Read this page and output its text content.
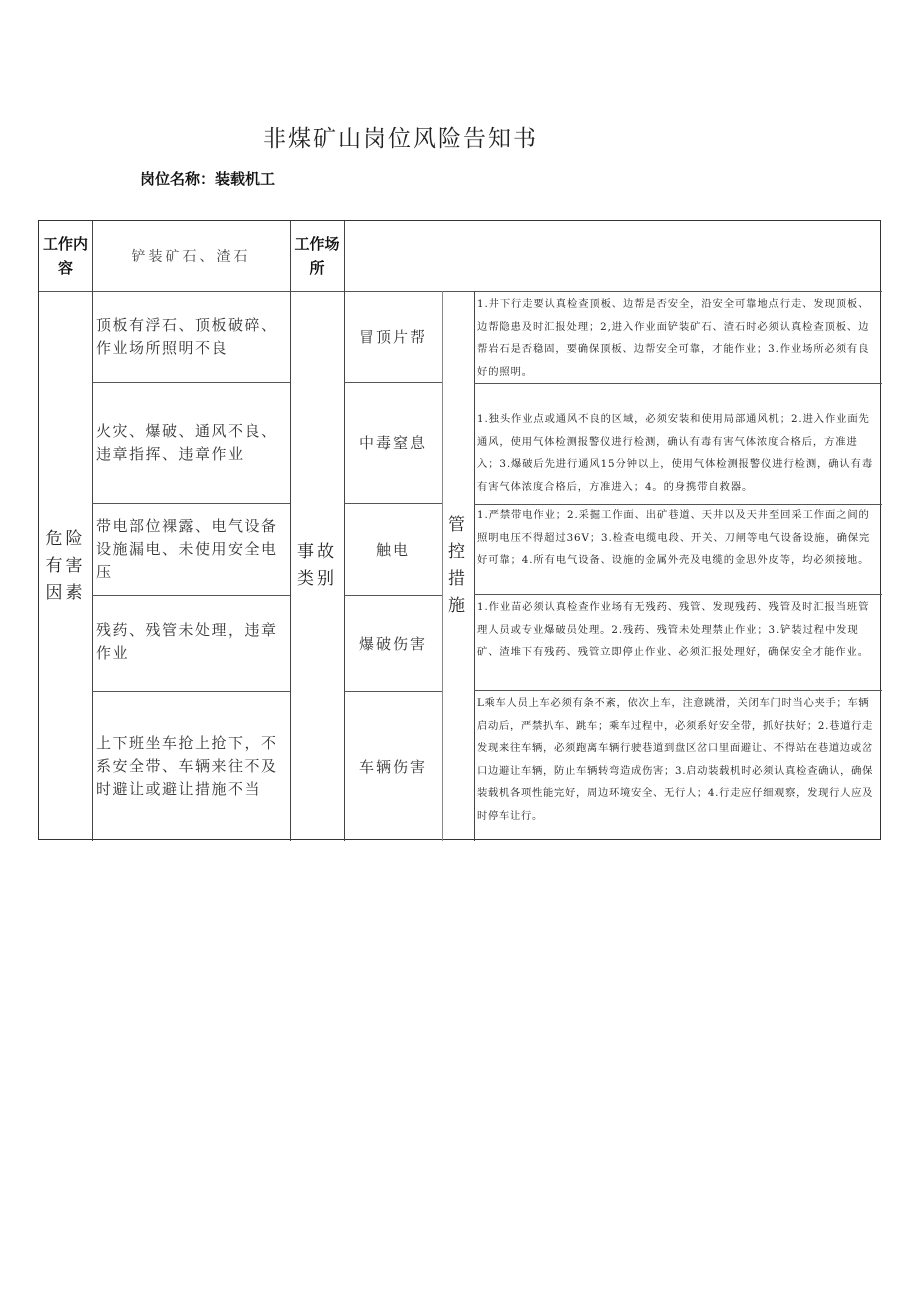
非煤矿山岗位风险告知书
岗位名称：装载机工
工作内容
铲装矿石、渣石
工作场所
危险有害因素
事故类别
管控措施
顶板有浮石、顶板破碎、作业场所照明不良
冒顶片帮
1.井下行走要认真检查顶板、边帮是否安全，沿安全可靠地点行走、发现顶板、边帮隐患及时汇报处理；2,进入作业面铲装矿石、渣石时必须认真检查顶板、边帮岩石是否稳固，要确保顶板、边帮安全可靠，才能作业；3.作业场所必须有良好的照明。
火灾、爆破、通风不良、违章指挥、违章作业
中毒窒息
1.独头作业点或通风不良的区域，必须安装和使用局部通风机；2.进入作业面先通风，使用气体检测报警仪进行检测，确认有毒有害气体浓度合格后，方准进入；3.爆破后先进行通风15分钟以上，使用气体检测报警仪进行检测，确认有毒有害气体浓度合格后，方准进入；4。的身携带自救器。
带电部位裸露、电气设备设施漏电、未使用安全电压
触电
1.严禁带电作业；2.采掘工作面、出矿巷道、天井以及天井至回采工作面之间的照明电压不得超过36V；3.检查电缆电段、开关、刀闸等电气设备设施，确保完好可靠；4.所有电气设备、设施的金属外壳及电缆的金思外皮等，均必须接地。
残药、残管未处理，违章作业
爆破伤害
1.作业苗必须认真检查作业场有无残药、残管、发现残药、残管及时汇报当班管理人员或专业爆破员处理。2.残药、残管未处理禁止作业；3.铲装过程中发现矿、渣堆下有残药、残管立即停止作业、必须汇报处理好，确保安全才能作业。
上下班坐车抢上抢下，不系安全带、车辆来往不及时避让或避让措施不当
车辆伤害
L乘车人员上车必须有条不紊，依次上车，注意跳滑，关闭车门时当心夹手；车辆启动后，严禁扒车、跳车；乘车过程中，必须系好安全带，抓好扶好；2.巷道行走发现来往车辆，必须跑离车辆行驶巷道到盘区岔口里面避让、不得站在巷道边或岔口边避让车辆，防止车辆转弯造成伤害；3.启动装载机时必须认真检查确认，确保装载机各项性能完好，周边环境安全、无行人；4.行走应仔细观察，发现行人应及时停车让行。
